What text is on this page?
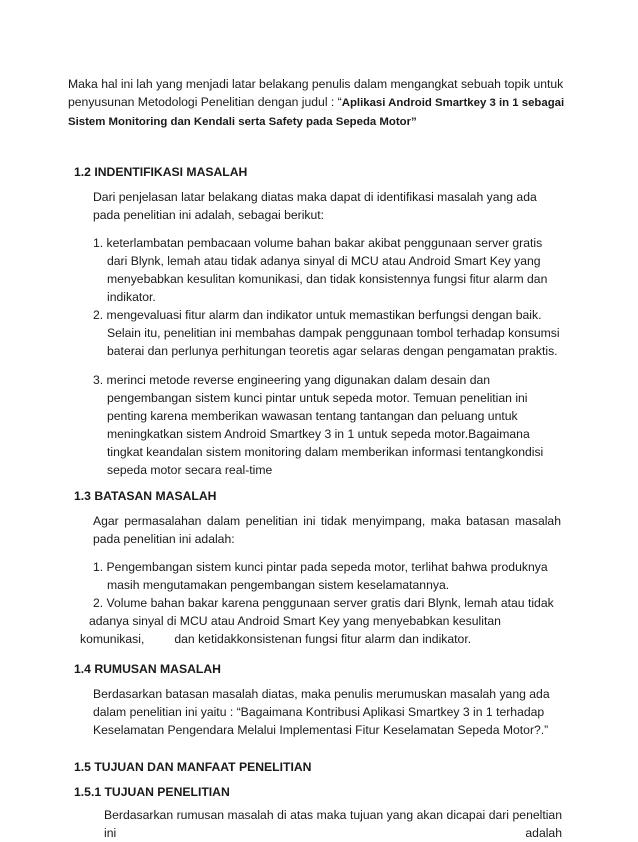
Maka hal ini lah yang menjadi latar belakang penulis dalam mengangkat sebuah topik untuk penyusunan Metodologi Penelitian dengan judul : “Aplikasi Android Smartkey 3 in 1 sebagai Sistem Monitoring dan Kendali serta Safety pada Sepeda Motor”

1.2 INDENTIFIKASI MASALAH

Dari penjelasan latar belakang diatas maka dapat di identifikasi masalah yang ada pada penelitian ini adalah, sebagai berikut:

1. keterlambatan pembacaan volume bahan bakar akibat penggunaan server gratis dari Blynk, lemah atau tidak adanya sinyal di MCU atau Android Smart Key yang menyebabkan kesulitan komunikasi, dan tidak konsistennya fungsi fitur alarm dan indikator.

2. mengevaluasi fitur alarm dan indikator untuk memastikan berfungsi dengan baik. Selain itu, penelitian ini membahas dampak penggunaan tombol terhadap konsumsi baterai dan perlunya perhitungan teoretis agar selaras dengan pengamatan praktis.

3. merinci metode reverse engineering yang digunakan dalam desain dan pengembangan sistem kunci pintar untuk sepeda motor. Temuan penelitian ini penting karena memberikan wawasan tentang tantangan dan peluang untuk meningkatkan sistem Android Smartkey 3 in 1 untuk sepeda motor.Bagaimana tingkat keandalan sistem monitoring dalam memberikan informasi tentangkondisi sepeda motor secara real-time

1.3 BATASAN MASALAH

Agar permasalahan dalam penelitian ini tidak menyimpang, maka batasan masalah pada penelitian ini adalah:

1. Pengembangan sistem kunci pintar pada sepeda motor, terlihat bahwa produknya masih mengutamakan pengembangan sistem keselamatannya.

2. Volume bahan bakar karena penggunaan server gratis dari Blynk, lemah atau tidak

adanya sinyal di MCU atau Android Smart Key yang menyebabkan kesulitan

komunikasi, dan ketidakkonsistenan fungsi fitur alarm dan indikator.

1.4 RUMUSAN MASALAH

Berdasarkan batasan masalah diatas, maka penulis merumuskan masalah yang ada dalam penelitian ini yaitu : “Bagaimana Kontribusi Aplikasi Smartkey 3 in 1 terhadap Keselamatan Pengendara Melalui Implementasi Fitur Keselamatan Sepeda Motor?.”

1.5 TUJUAN DAN MANFAAT PENELITIAN
1.5.1 TUJUAN PENELITIAN

Berdasarkan rumusan masalah di atas maka tujuan yang akan dicapai dari peneltian ini adalah
